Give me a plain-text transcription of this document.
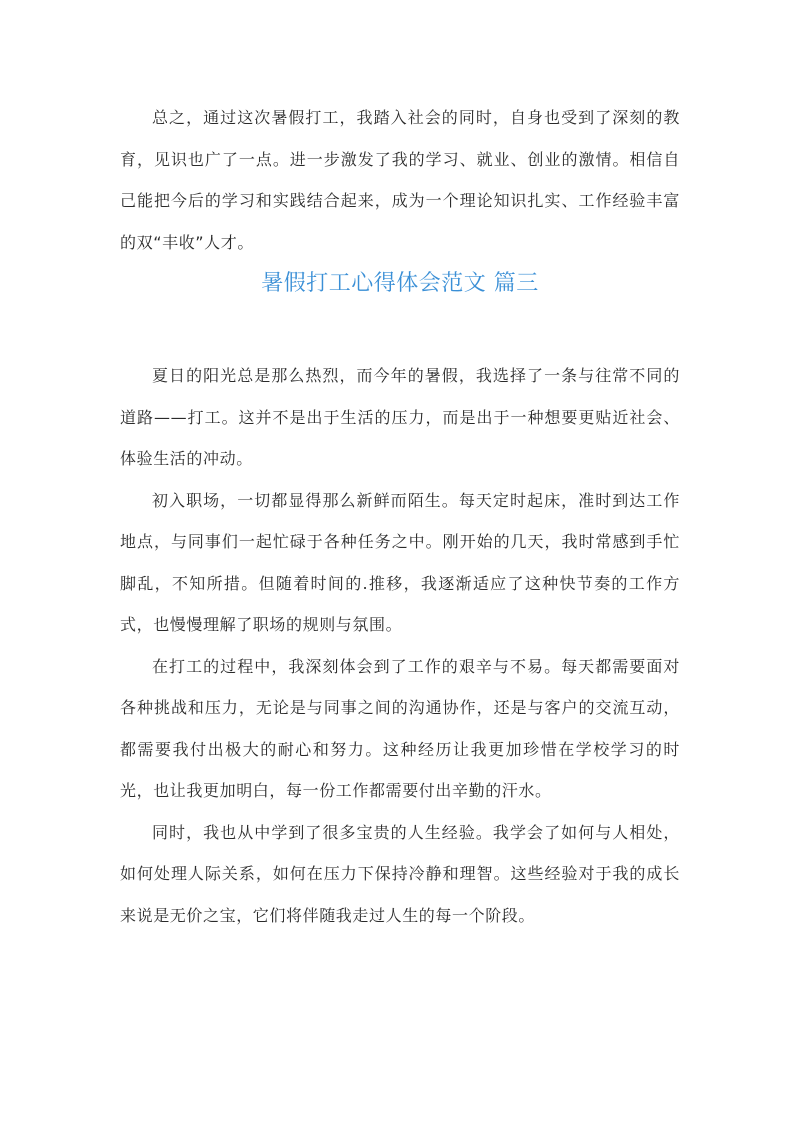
总之，通过这次暑假打工，我踏入社会的同时，自身也受到了深刻的教育，见识也广了一点。进一步激发了我的学习、就业、创业的激情。相信自己能把今后的学习和实践结合起来，成为一个理论知识扎实、工作经验丰富的双“丰收”人才。

暑假打工心得体会范文 篇三

夏日的阳光总是那么热烈，而今年的暑假，我选择了一条与往常不同的道路——打工。这并不是出于生活的压力，而是出于一种想要更贴近社会、体验生活的冲动。

初入职场，一切都显得那么新鲜而陌生。每天定时起床，准时到达工作地点，与同事们一起忙碌于各种任务之中。刚开始的几天，我时常感到手忙脚乱，不知所措。但随着时间的.推移，我逐渐适应了这种快节奏的工作方式，也慢慢理解了职场的规则与氛围。

在打工的过程中，我深刻体会到了工作的艰辛与不易。每天都需要面对各种挑战和压力，无论是与同事之间的沟通协作，还是与客户的交流互动，都需要我付出极大的耐心和努力。这种经历让我更加珍惜在学校学习的时光，也让我更加明白，每一份工作都需要付出辛勤的汗水。

同时，我也从中学到了很多宝贵的人生经验。我学会了如何与人相处，如何处理人际关系，如何在压力下保持冷静和理智。这些经验对于我的成长来说是无价之宝，它们将伴随我走过人生的每一个阶段。
